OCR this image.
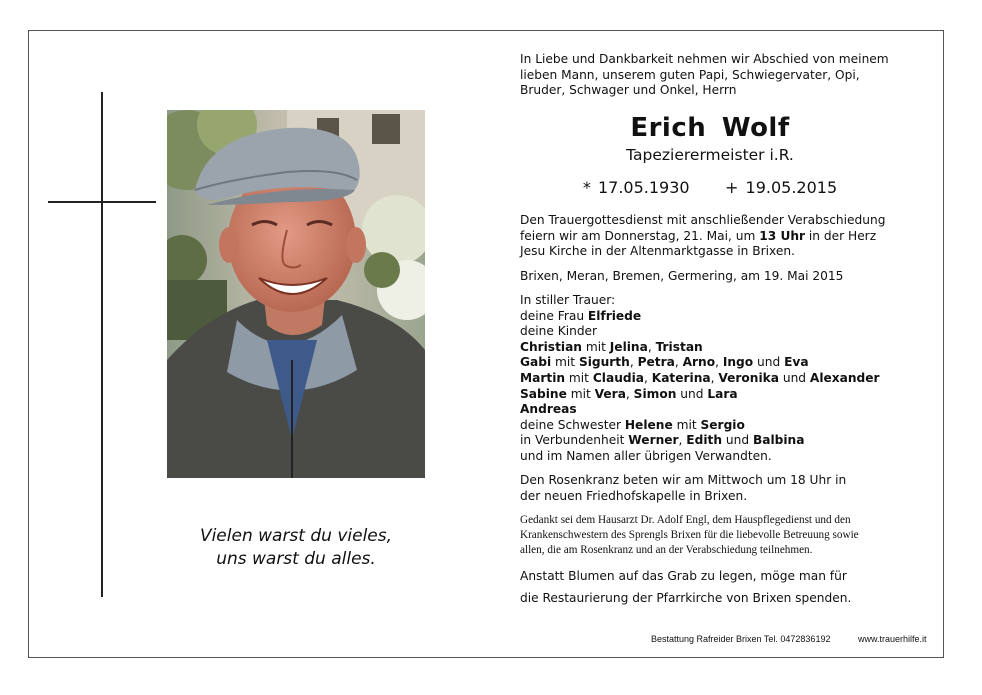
Vielen warst du vieles,
uns warst du alles.
In Liebe und Dankbarkeit nehmen wir Abschied von meinem
lieben Mann, unserem guten Papi, Schwiegervater, Opi,
Bruder, Schwager und Onkel, Herrn
Erich Wolf
Tapezierermeister i.R.
* 17.05.1930 + 19.05.2015
Den Trauergottesdienst mit anschließender Verabschiedung
feiern wir am Donnerstag, 21. Mai, um 13 Uhr in der Herz
Jesu Kirche in der Altenmarktgasse in Brixen.
Brixen, Meran, Bremen, Germering, am 19. Mai 2015
In stiller Trauer:
deine Frau Elfriede
deine Kinder
Christian mit Jelina, Tristan
Gabi mit Sigurth, Petra, Arno, Ingo und Eva
Martin mit Claudia, Katerina, Veronika und Alexander
Sabine mit Vera, Simon und Lara
Andreas
deine Schwester Helene mit Sergio
in Verbundenheit Werner, Edith und Balbina
und im Namen aller übrigen Verwandten.
Den Rosenkranz beten wir am Mittwoch um 18 Uhr in
der neuen Friedhofskapelle in Brixen.
Gedankt sei dem Hausarzt Dr. Adolf Engl, dem Hauspflegedienst und den
Krankenschwestern des Sprengls Brixen für die liebevolle Betreuung sowie
allen, die am Rosenkranz und an der Verabschiedung teilnehmen.
Anstatt Blumen auf das Grab zu legen, möge man für
die Restaurierung der Pfarrkirche von Brixen spenden.
Bestattung Rafreider Brixen Tel. 0472836192	www.trauerhilfe.it
